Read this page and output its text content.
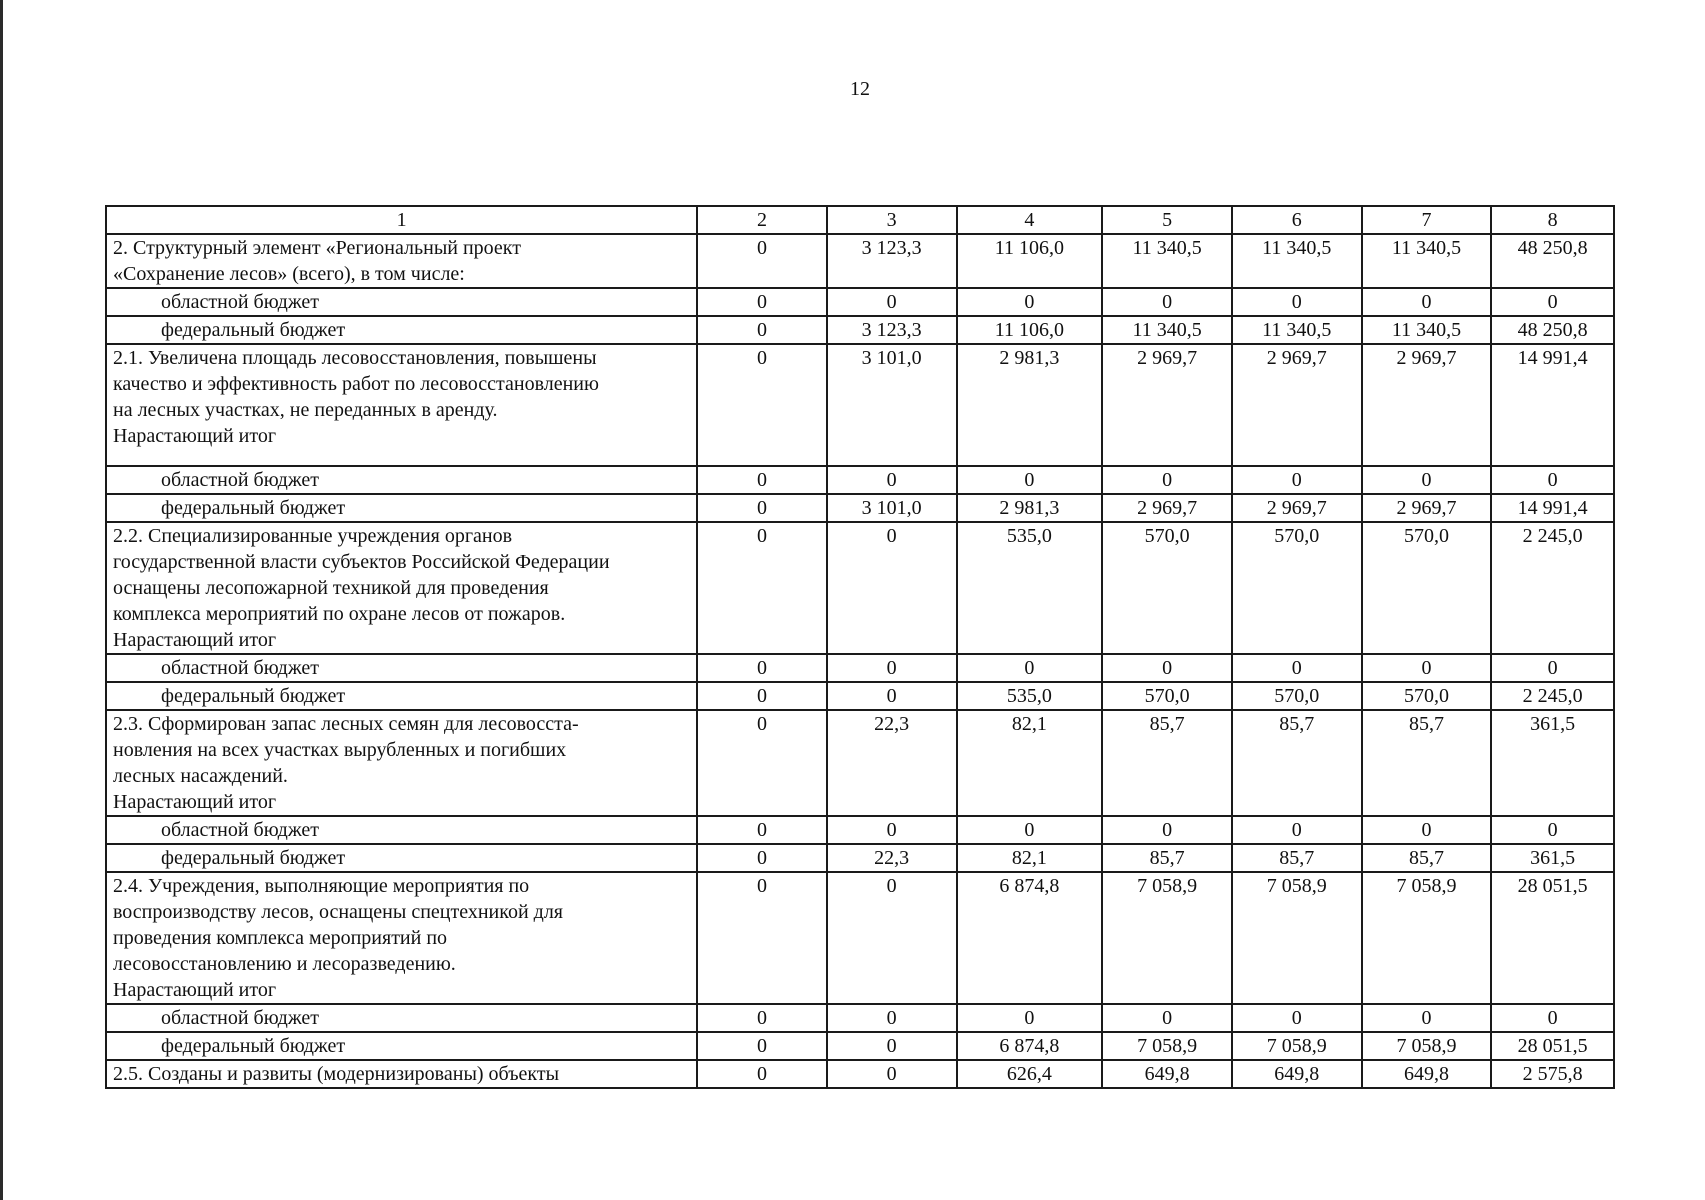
12
1	2	3	4	5	6	7	8

2. Структурный элемент «Региональный проект
«Сохранение лесов» (всего), в том числе:	0	3 123,3	11 106,0	11 340,5	11 340,5	11 340,5	48 250,8

областной бюджет	0	0	0	0	0	0	0

федеральный бюджет	0	3 123,3	11 106,0	11 340,5	11 340,5	11 340,5	48 250,8

2.1. Увеличена площадь лесовосстановления, повышены
качество и эффективность работ по лесовосстановлению
на лесных участках, не переданных в аренду.
Нарастающий итог	0	3 101,0	2 981,3	2 969,7	2 969,7	2 969,7	14 991,4

областной бюджет	0	0	0	0	0	0	0

федеральный бюджет	0	3 101,0	2 981,3	2 969,7	2 969,7	2 969,7	14 991,4

2.2. Специализированные учреждения органов
государственной власти субъектов Российской Федерации
оснащены лесопожарной техникой для проведения
комплекса мероприятий по охране лесов от пожаров.
Нарастающий итог	0	0	535,0	570,0	570,0	570,0	2 245,0

областной бюджет	0	0	0	0	0	0	0

федеральный бюджет	0	0	535,0	570,0	570,0	570,0	2 245,0

2.3. Сформирован запас лесных семян для лесовосста-
новления на всех участках вырубленных и погибших
лесных насаждений.
Нарастающий итог	0	22,3	82,1	85,7	85,7	85,7	361,5

областной бюджет	0	0	0	0	0	0	0

федеральный бюджет	0	22,3	82,1	85,7	85,7	85,7	361,5

2.4. Учреждения, выполняющие мероприятия по
воспроизводству лесов, оснащены спецтехникой для
проведения комплекса мероприятий по
лесовосстановлению и лесоразведению.
Нарастающий итог	0	0	6 874,8	7 058,9	7 058,9	7 058,9	28 051,5

областной бюджет	0	0	0	0	0	0	0

федеральный бюджет	0	0	6 874,8	7 058,9	7 058,9	7 058,9	28 051,5

2.5. Созданы и развиты (модернизированы) объекты	0	0	626,4	649,8	649,8	649,8	2 575,8
